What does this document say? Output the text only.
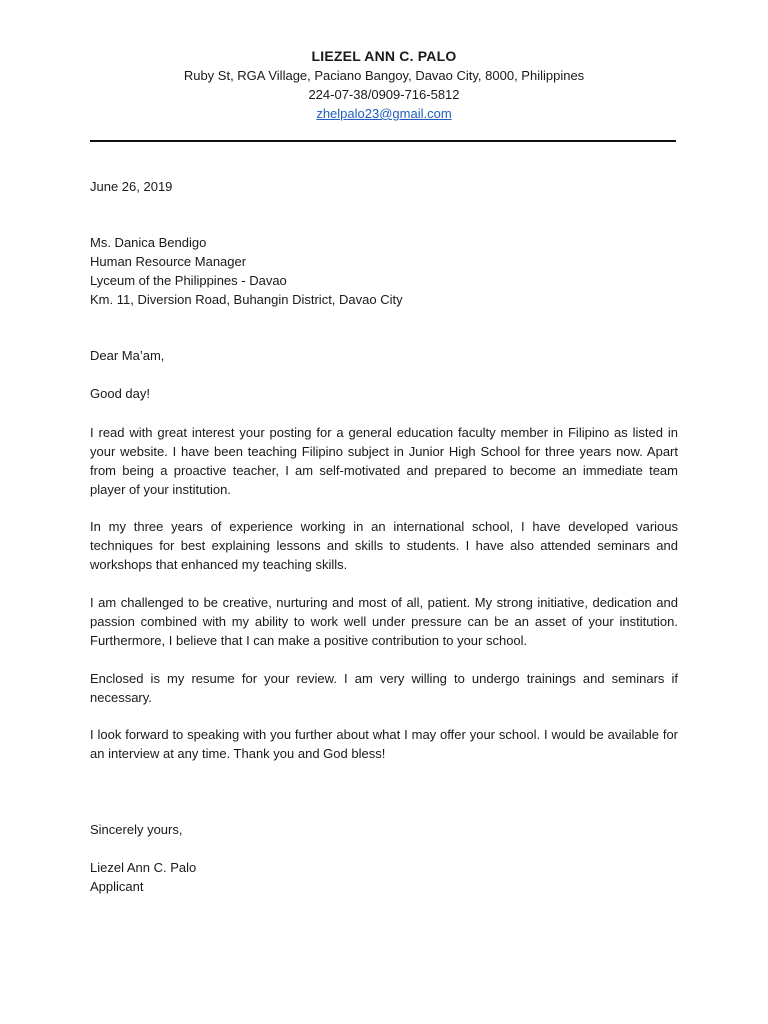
LIEZEL ANN C. PALO
Ruby St, RGA Village, Paciano Bangoy, Davao City, 8000, Philippines
224-07-38/0909-716-5812
zhelpalo23@gmail.com
June 26, 2019
Ms. Danica Bendigo
Human Resource Manager
Lyceum of the Philippines - Davao
Km. 11, Diversion Road, Buhangin District, Davao City
Dear Ma’am,
Good day!
I read with great interest your posting for a general education faculty member in Filipino as listed in your website. I have been teaching Filipino subject in Junior High School for three years now. Apart from being a proactive teacher, I am self-motivated and prepared to become an immediate team player of your institution.
In my three years of experience working in an international school, I have developed various techniques for best explaining lessons and skills to students. I have also attended seminars and workshops that enhanced my teaching skills.
I am challenged to be creative, nurturing and most of all, patient. My strong initiative, dedication and passion combined with my ability to work well under pressure can be an asset of your institution. Furthermore, I believe that I can make a positive contribution to your school.
Enclosed is my resume for your review. I am very willing to undergo trainings and seminars if necessary.
I look forward to speaking with you further about what I may offer your school. I would be available for an interview at any time. Thank you and God bless!
Sincerely yours,
Liezel Ann C. Palo
Applicant
